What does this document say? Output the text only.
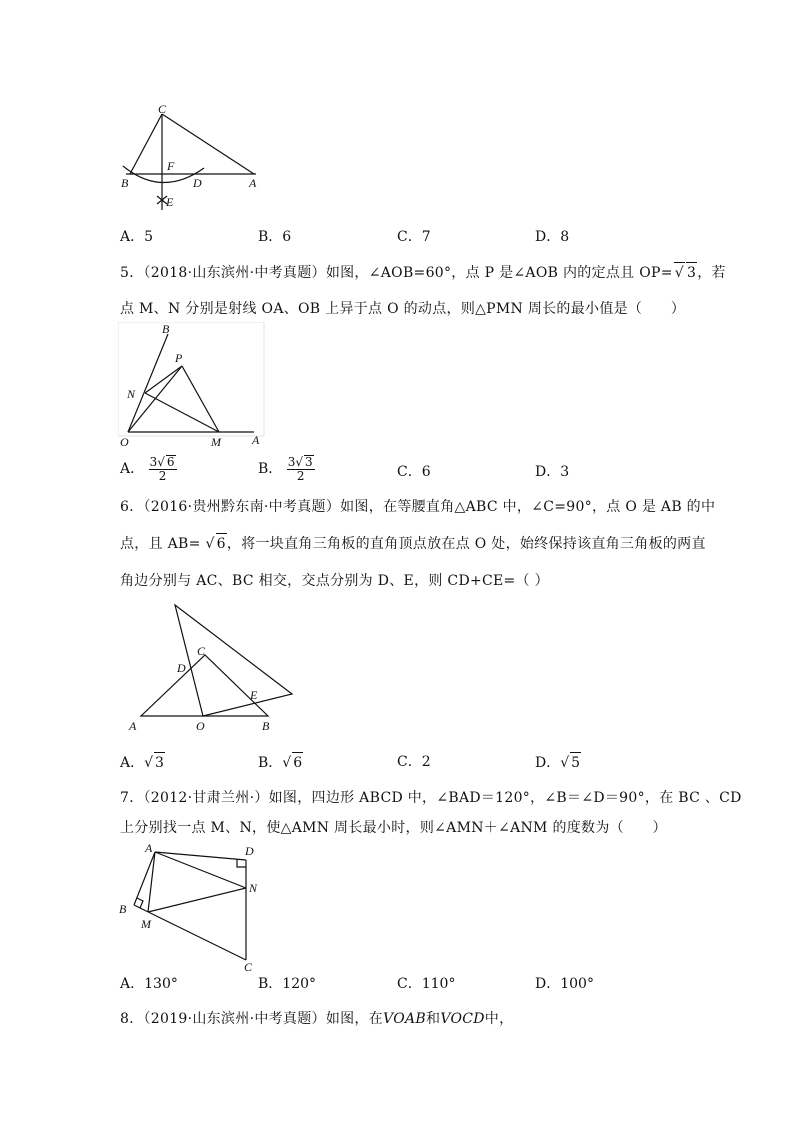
C
F
B	D	A
E
A．5	B．6	C．7	D．8
5．（2018·山东滨州·中考真题）如图，∠AOB=60°，点 P 是∠AOB 内的定点且 OP= √ 3，若
点 M、N 分别是射线 OA、OB 上异于点 O 的动点，则△PMN 周长的最小值是（　　）
B
P
N
O	M	A
A． $\frac{3√ 6}{2}$	B． $\frac{3√ 3}{2}$	C．6	D．3
6．（2016·贵州黔东南·中考真题）如图，在等腰直角△ABC 中，∠C=90°，点 O 是 AB 的中
点，且 AB= √ 6，将一块直角三角板的直角顶点放在点 O 处，始终保持该直角三角板的两直
角边分别与 AC、BC 相交，交点分别为 D、E，则 CD+CE=（ ）
D
C
E
A	O	B
A．√ 3	B．√ 6	C．2	D．√ 5
7．（2012·甘肃兰州·）如图，四边形 ABCD 中，∠BAD＝120°，∠B＝∠D＝90°，在 BC 、CD
上分别找一点 M、N，使△AMN 周长最小时，则∠AMN＋∠ANM 的度数为（　　）
A	D
N
B
M
C
A．130°	B．120°	C．110°	D．100°
8．（2019·山东滨州·中考真题）如图，在VOAB和VOCD中，
